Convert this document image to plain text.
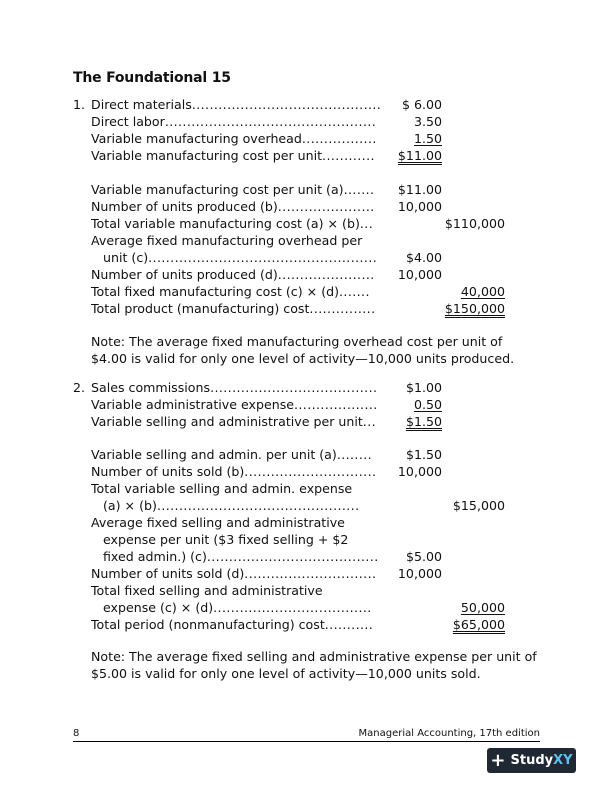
The Foundational 15
1. Direct materials........................................... $ 6.00
Direct labor................................................	3.50
Variable manufacturing overhead.................	1.50
Variable manufacturing cost per unit............ $11.00
Variable manufacturing cost per unit (a)....... $11.00
Number of units produced (b)...................... 10,000
Total variable manufacturing cost (a) × (b)...	$110,000
Average fixed manufacturing overhead per
unit (c).................................................... $4.00
Number of units produced (d)...................... 10,000
Total fixed manufacturing cost (c) × (d).......	40,000
Total product (manufacturing) cost...............	$150,000
Note: The average fixed manufacturing overhead cost per unit of $4.00 is valid for only one level of activity—10,000 units produced.
2. Sales commissions...................................... $1.00
Variable administrative expense...................	0.50
Variable selling and administrative per unit... $1.50
Variable selling and admin. per unit (a)........	$1.50
Number of units sold (b).............................. 10,000
Total variable selling and admin. expense
(a) × (b)..............................................	$15,000
Average fixed selling and administrative
expense per unit ($3 fixed selling + $2
fixed admin.) (c)....................................... $5.00
Number of units sold (d).............................. 10,000
Total fixed selling and administrative
expense (c) × (d)....................................	50,000
Total period (nonmanufacturing) cost...........	$65,000
Note: The average fixed selling and administrative expense per unit of $5.00 is valid for only one level of activity—10,000 units sold.
8	Managerial Accounting, 17th edition
+ Study XY
